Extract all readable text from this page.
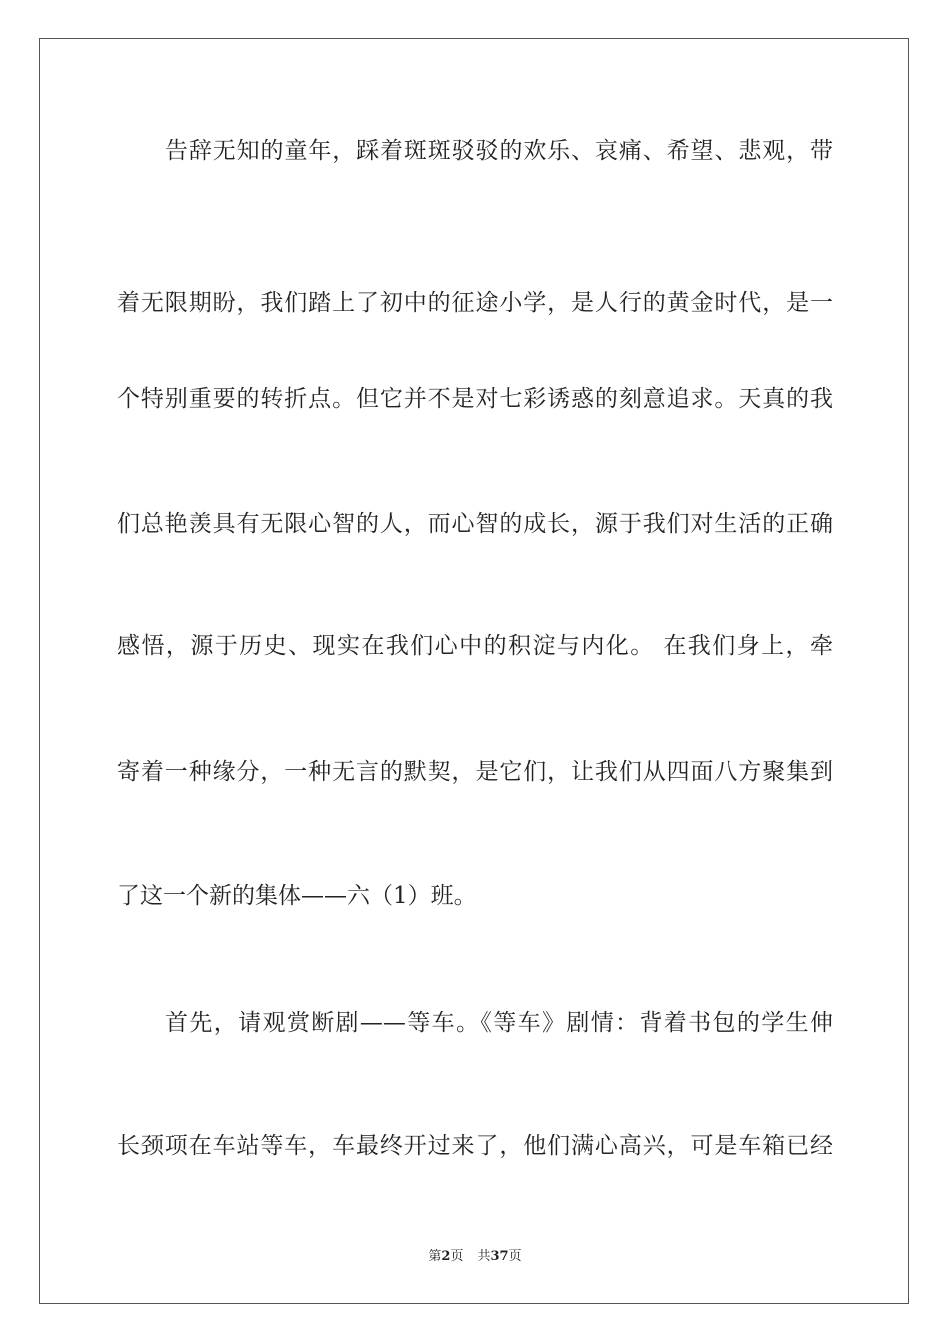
告辞无知的童年，踩着斑斑驳驳的欢乐、哀痛、希望、悲观，带
着无限期盼，我们踏上了初中的征途小学，是人行的黄金时代，是一
个特别重要的转折点。但它并不是对七彩诱惑的刻意追求。天真的我
们总艳羡具有无限心智的人，而心智的成长，源于我们对生活的正确
感悟，源于历史、现实在我们心中的积淀与内化。 在我们身上，牵
寄着一种缘分，一种无言的默契，是它们，让我们从四面八方聚集到
了这一个新的集体——六（1）班。
首先，请观赏断剧——等车。《等车》剧情：背着书包的学生伸
长颈项在车站等车，车最终开过来了，他们满心高兴，可是车箱已经
第2页 共37页
